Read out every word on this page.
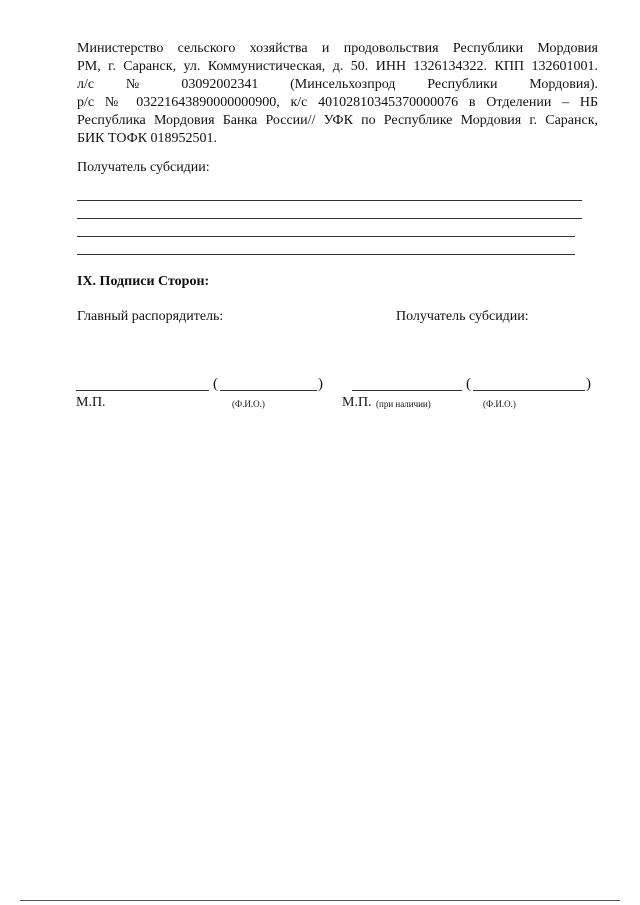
Министерство сельского хозяйства и продовольствия Республики Мордовия

РМ, г. Саранск, ул. Коммунистическая, д. 50. ИНН 1326134322. КПП 132601001.

л/с № 03092002341 (Минсельхозпрод Республики Мордовия).

р/с № 03221643890000000900, к/с 40102810345370000076 в Отделении – НБ

Республика Мордовия Банка России// УФК по Республике Мордовия г. Саранск,

БИК ТОФК 018952501.

Получатель субсидии:
IX. Подписи Сторон:
Главный распорядитель:	Получатель субсидии:
(	)	(	)
М.П.	(Ф.И.О.)	М.П. (при наличии)	(Ф.И.О.)
